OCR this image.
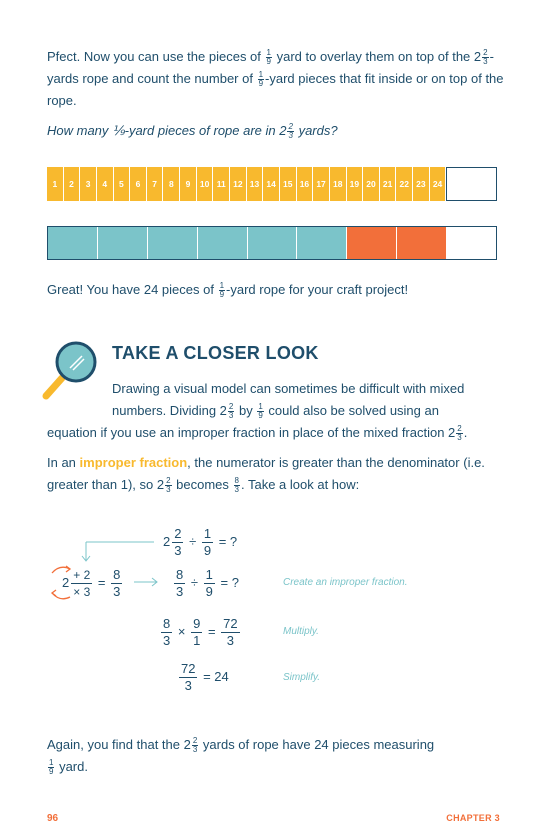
Pfect. Now you can use the pieces of $\frac{1}{9}$ yard to overlay them on top of the $2 \frac{2}{3}$ -yards rope and count the number of $\frac{1}{9}$ -yard pieces that fit inside or on top of the rope.
How many ⅑-yard pieces of rope are in $2 \frac{2}{3}$ yards?
1	2	3	4	5	6	7	8	9	10 11 12 13 14 15 16 17 18 19 20 21 22 23 24
Great! You have 24 pieces of $\frac{1}{9}$ -yard rope for your craft project!
TAKE A CLOSER LOOK
Drawing a visual model can sometimes be difficult with mixed
numbers. Dividing $2 \frac{2}{3}$ by $\frac{1}{9}$ could also be solved using an
equation if you use an improper fraction in place of the mixed fraction $2 \frac{2}{3}$ .
In an improper fraction, the numerator is greater than the denominator (i.e. greater than 1), so $2 \frac{2}{3}$ becomes $\frac{8}{3}$ . Take a look at how:
$2 \frac{2}{3} \div \frac{1}{9}$ = ?
$2 \frac{+ 2}{\times 3} = \frac{8}{3}$	$\frac{8}{3} \div \frac{1}{9}$ = ?	Create an improper fraction.
$\frac{8}{3} \times \frac{9}{1} = \frac{72}{3}$	Multiply.
$\frac{72}{3} = 24$	Simplify.
Again, you find that the $2 \frac{2}{3}$ yards of rope have 24 pieces measuring

$\frac{1}{9}$ yard.
96	CHAPTER 3
